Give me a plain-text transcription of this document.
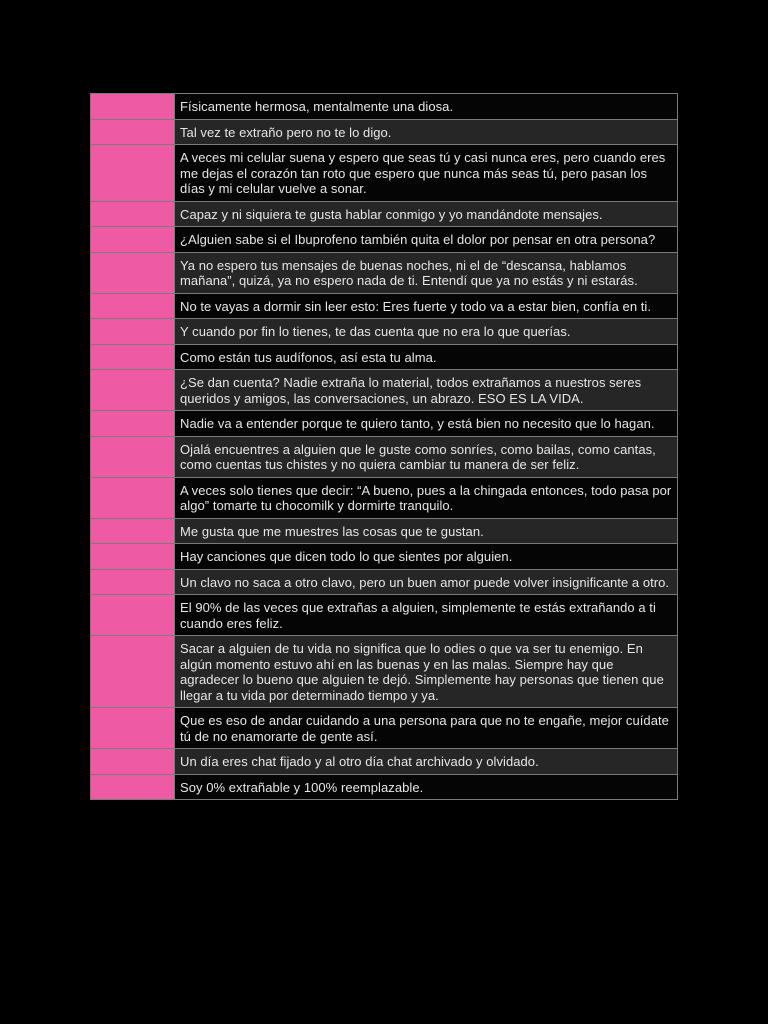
	Físicamente hermosa, mentalmente una diosa.
	Tal vez te extraño pero no te lo digo.
	A veces mi celular suena y espero que seas tú y casi nunca eres, pero cuando eres me dejas el corazón tan roto que espero que nunca más seas tú, pero pasan los días y mi celular vuelve a sonar.
	Capaz y ni siquiera te gusta hablar conmigo y yo mandándote mensajes.
	¿Alguien sabe si el Ibuprofeno también quita el dolor por pensar en otra persona?
	Ya no espero tus mensajes de buenas noches, ni el de “descansa, hablamos mañana”, quizá, ya no espero nada de ti. Entendí que ya no estás y ni estarás.
	No te vayas a dormir sin leer esto: Eres fuerte y todo va a estar bien, confía en ti.
	Y cuando por fin lo tienes, te das cuenta que no era lo que querías.
	Como están tus audífonos, así esta tu alma.
	¿Se dan cuenta? Nadie extraña lo material, todos extrañamos a nuestros seres queridos y amigos, las conversaciones, un abrazo. ESO ES LA VIDA.
	Nadie va a entender porque te quiero tanto, y está bien no necesito que lo hagan.
	Ojalá encuentres a alguien que le guste como sonríes, como bailas, como cantas, como cuentas tus chistes y no quiera cambiar tu manera de ser feliz.
	A veces solo tienes que decir: “A bueno, pues a la chingada entonces, todo pasa por algo” tomarte tu chocomilk y dormirte tranquilo.
	Me gusta que me muestres las cosas que te gustan.
	Hay canciones que dicen todo lo que sientes por alguien.
	Un clavo no saca a otro clavo, pero un buen amor puede volver insignificante a otro.
	El 90% de las veces que extrañas a alguien, simplemente te estás extrañando a ti cuando eres feliz.
	Sacar a alguien de tu vida no significa que lo odies o que va ser tu enemigo. En algún momento estuvo ahí en las buenas y en las malas. Siempre hay que agradecer lo bueno que alguien te dejó. Simplemente hay personas que tienen que llegar a tu vida por determinado tiempo y ya.
	Que es eso de andar cuidando a una persona para que no te engañe, mejor cuídate tú de no enamorarte de gente así.
	Un día eres chat fijado y al otro día chat archivado y olvidado.
	Soy 0% extrañable y 100% reemplazable.
